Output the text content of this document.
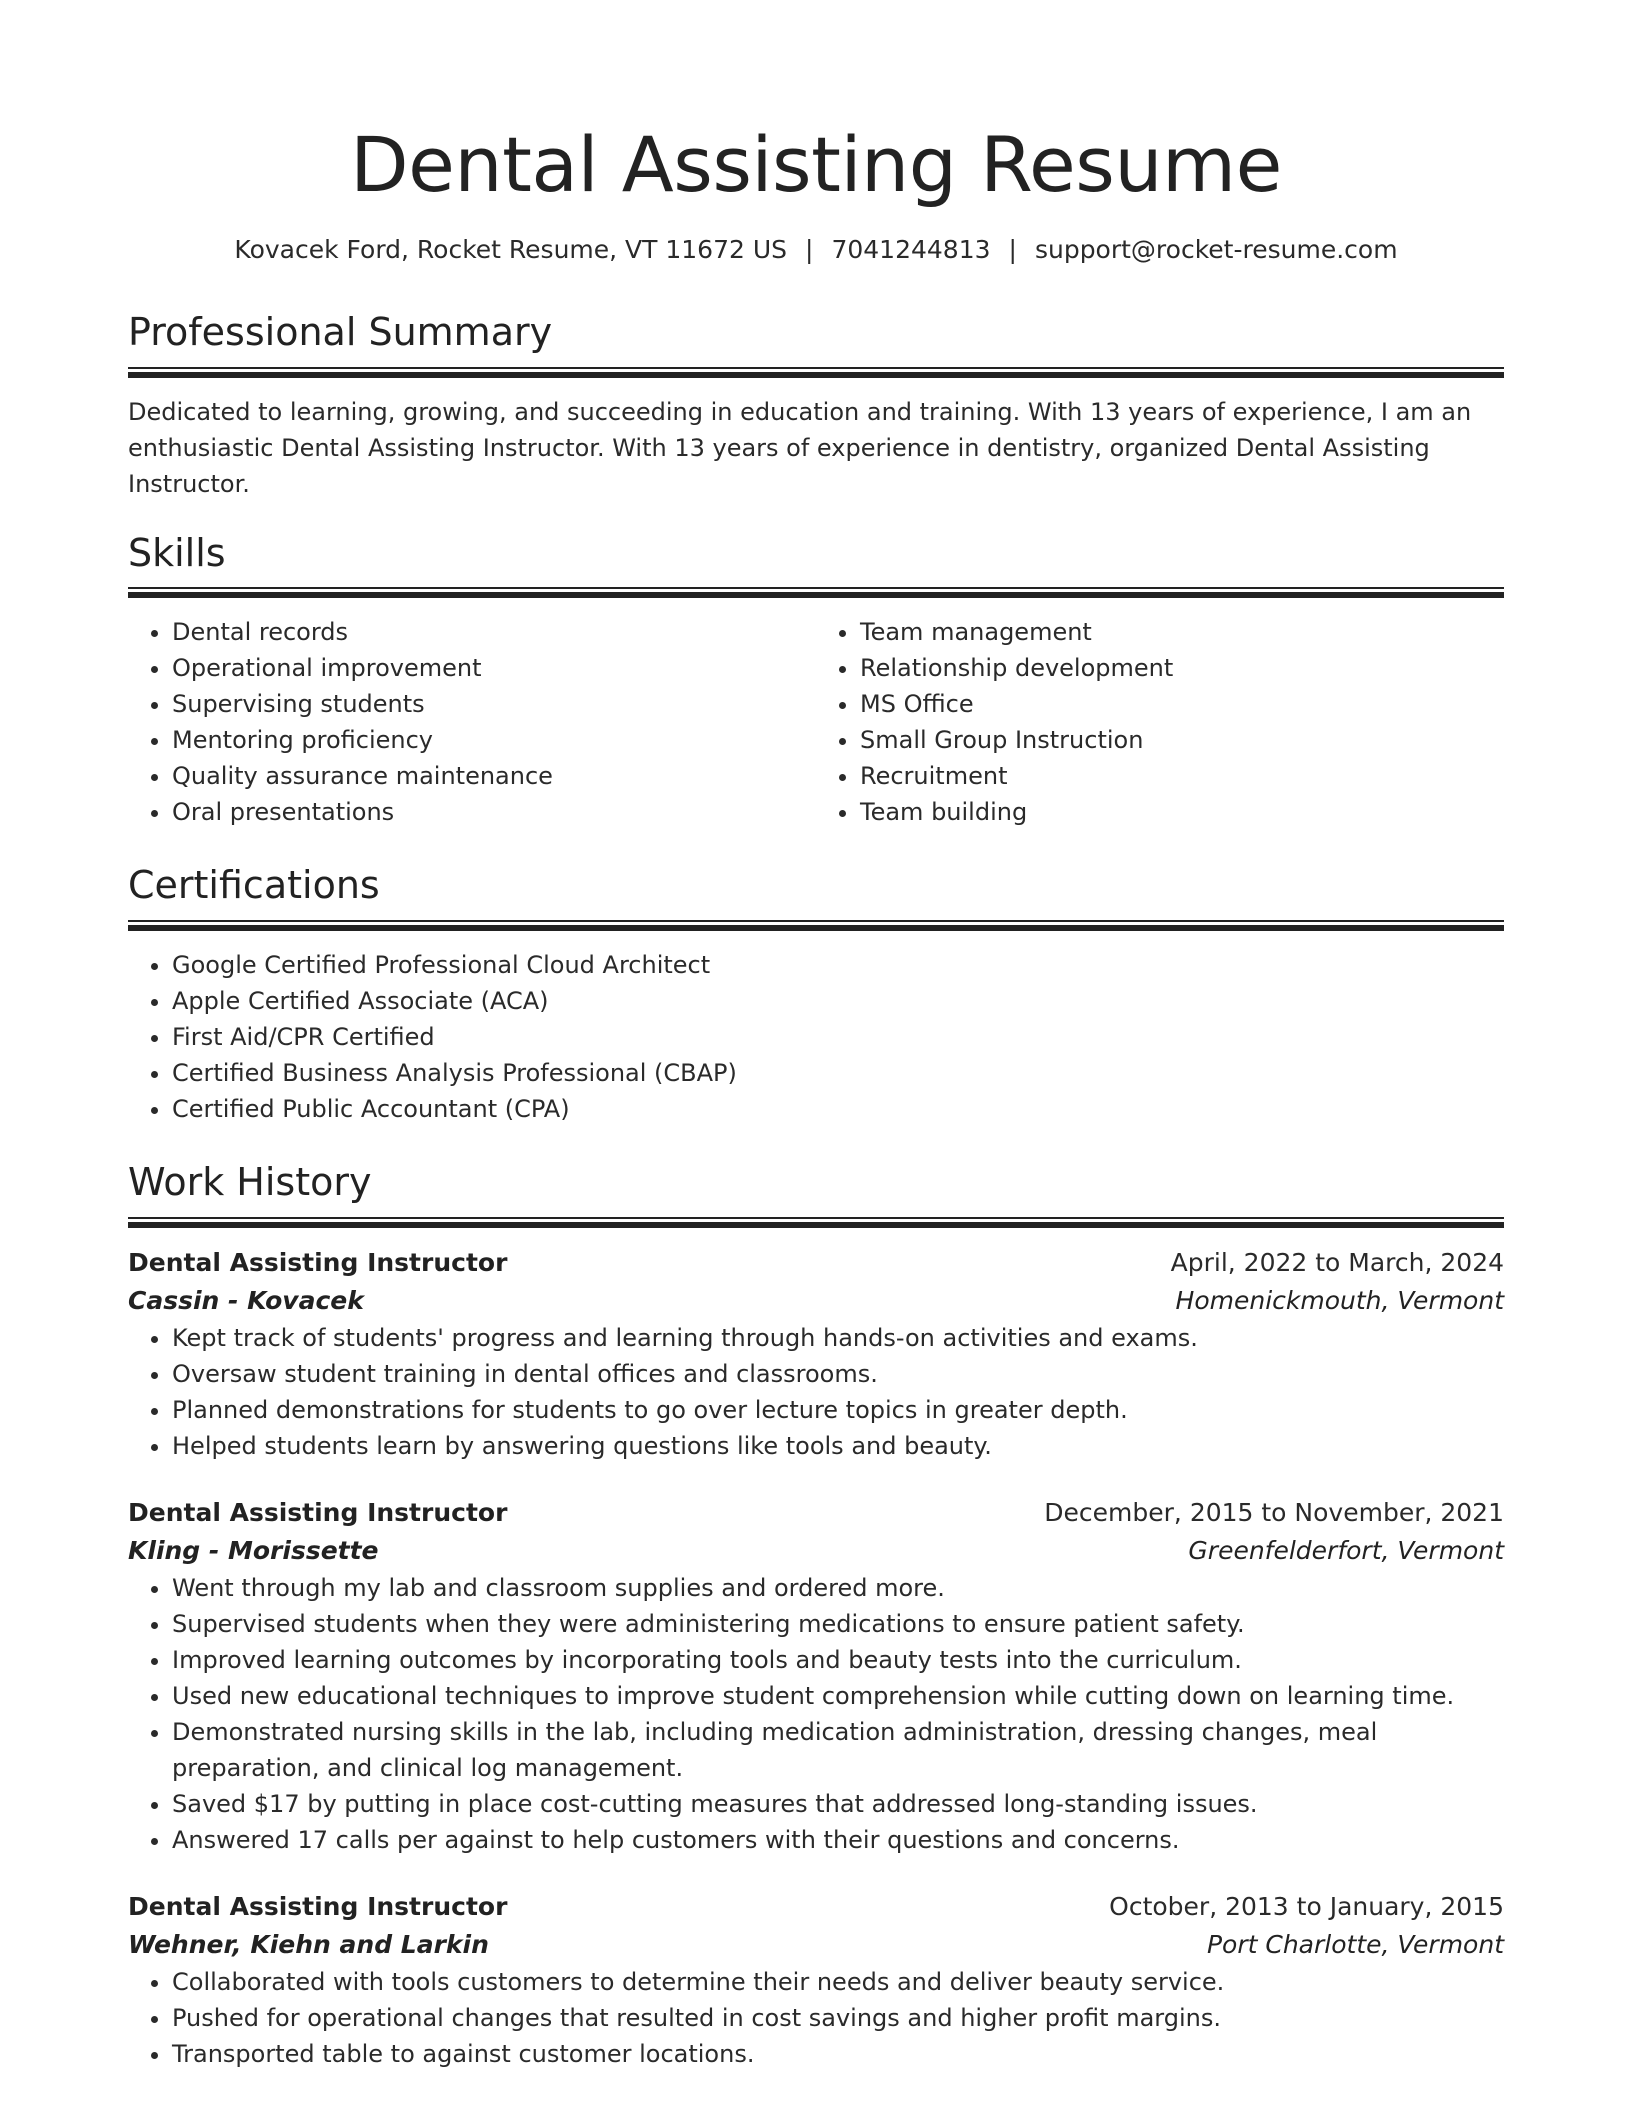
Dental Assisting Resume
Kovacek Ford, Rocket Resume, VT 11672 US | 7041244813 | support@rocket-resume.com
Professional Summary

Dedicated to learning, growing, and succeeding in education and training. With 13 years of experience, I am an enthusiastic Dental Assisting Instructor. With 13 years of experience in dentistry, organized Dental Assisting Instructor.

Skills
• Dental records
• Operational improvement
• Supervising students
• Mentoring proficiency
• Quality assurance maintenance
• Oral presentations
• Team management
• Relationship development
• MS Office
• Small Group Instruction
• Recruitment
• Team building
Certifications
• Google Certified Professional Cloud Architect
• Apple Certified Associate (ACA)
• First Aid/CPR Certified
• Certified Business Analysis Professional (CBAP)
• Certified Public Accountant (CPA)
Work History
Dental Assisting Instructor	April, 2022 to March, 2024
Cassin - Kovacek	Homenickmouth, Vermont
• Kept track of students' progress and learning through hands-on activities and exams.
• Oversaw student training in dental offices and classrooms.
• Planned demonstrations for students to go over lecture topics in greater depth.
• Helped students learn by answering questions like tools and beauty.
Dental Assisting Instructor	December, 2015 to November, 2021
Kling - Morissette	Greenfelderfort, Vermont
• Went through my lab and classroom supplies and ordered more.
• Supervised students when they were administering medications to ensure patient safety.
• Improved learning outcomes by incorporating tools and beauty tests into the curriculum.
• Used new educational techniques to improve student comprehension while cutting down on learning time.
• Demonstrated nursing skills in the lab, including medication administration, dressing changes, meal preparation, and clinical log management.
• Saved $17 by putting in place cost-cutting measures that addressed long-standing issues.
• Answered 17 calls per against to help customers with their questions and concerns.
Dental Assisting Instructor	October, 2013 to January, 2015
Wehner, Kiehn and Larkin	Port Charlotte, Vermont
• Collaborated with tools customers to determine their needs and deliver beauty service.
• Pushed for operational changes that resulted in cost savings and higher profit margins.
• Transported table to against customer locations.
